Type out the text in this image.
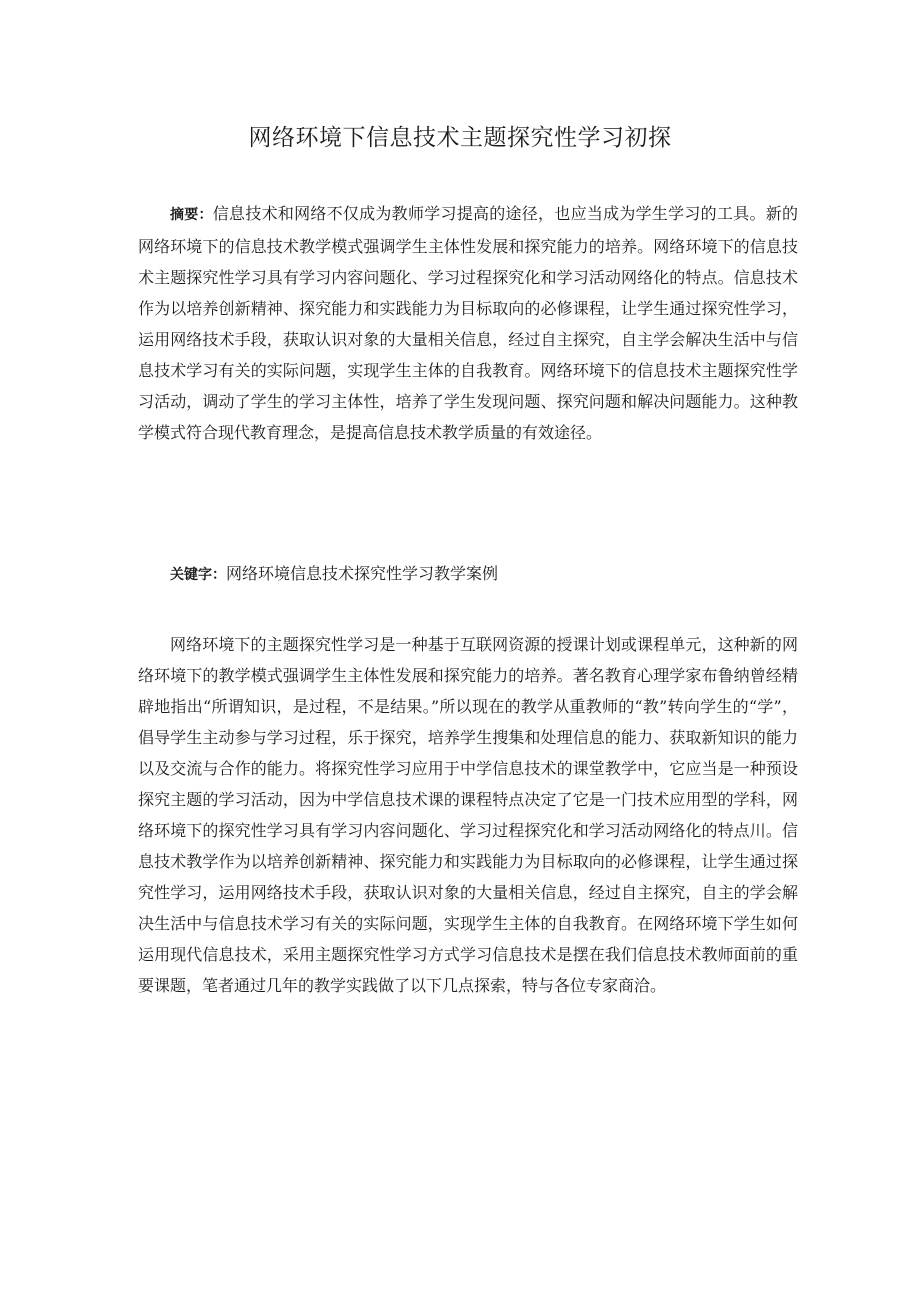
网络环境下信息技术主题探究性学习初探

摘要：信息技术和网络不仅成为教师学习提高的途径，也应当成为学生学习的工具。新的网络环境下的信息技术教学模式强调学生主体性发展和探究能力的培养。网络环境下的信息技术主题探究性学习具有学习内容问题化、学习过程探究化和学习活动网络化的特点。信息技术作为以培养创新精神、探究能力和实践能力为目标取向的必修课程，让学生通过探究性学习，运用网络技术手段，获取认识对象的大量相关信息，经过自主探究，自主学会解决生活中与信息技术学习有关的实际问题，实现学生主体的自我教育。网络环境下的信息技术主题探究性学习活动，调动了学生的学习主体性，培养了学生发现问题、探究问题和解决问题能力。这种教学模式符合现代教育理念，是提高信息技术教学质量的有效途径。

关键字：网络环境信息技术探究性学习教学案例

网络环境下的主题探究性学习是一种基于互联网资源的授课计划或课程单元，这种新的网络环境下的教学模式强调学生主体性发展和探究能力的培养。著名教育心理学家布鲁纳曾经精辟地指出“所谓知识，是过程，不是结果。”所以现在的教学从重教师的“教”转向学生的“学”，倡导学生主动参与学习过程，乐于探究，培养学生搜集和处理信息的能力、获取新知识的能力以及交流与合作的能力。将探究性学习应用于中学信息技术的课堂教学中，它应当是一种预设探究主题的学习活动，因为中学信息技术课的课程特点决定了它是一门技术应用型的学科，网络环境下的探究性学习具有学习内容问题化、学习过程探究化和学习活动网络化的特点川。信息技术教学作为以培养创新精神、探究能力和实践能力为目标取向的必修课程，让学生通过探究性学习，运用网络技术手段，获取认识对象的大量相关信息，经过自主探究，自主的学会解决生活中与信息技术学习有关的实际问题，实现学生主体的自我教育。在网络环境下学生如何运用现代信息技术，采用主题探究性学习方式学习信息技术是摆在我们信息技术教师面前的重要课题，笔者通过几年的教学实践做了以下几点探索，特与各位专家商洽。
